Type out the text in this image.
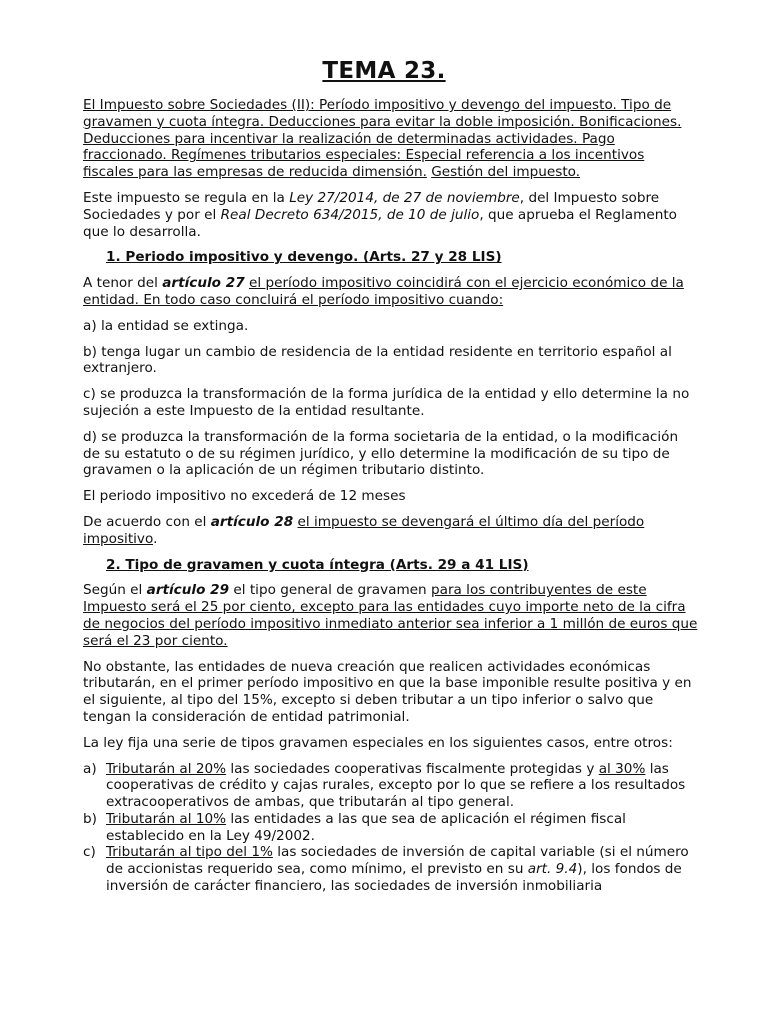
TEMA 23.

El Impuesto sobre Sociedades (II): Período impositivo y devengo del impuesto. Tipo de gravamen y cuota íntegra. Deducciones para evitar la doble imposición. Bonificaciones. Deducciones para incentivar la realización de determinadas actividades. Pago fraccionado. Regímenes tributarios especiales: Especial referencia a los incentivos fiscales para las empresas de reducida dimensión. Gestión del impuesto.

Este impuesto se regula en la Ley 27/2014, de 27 de noviembre, del Impuesto sobre Sociedades y por el Real Decreto 634/2015, de 10 de julio, que aprueba el Reglamento que lo desarrolla.

1. Periodo impositivo y devengo. (Arts. 27 y 28 LIS)

A tenor del artículo 27 el período impositivo coincidirá con el ejercicio económico de la entidad. En todo caso concluirá el período impositivo cuando:

a) la entidad se extinga.

b) tenga lugar un cambio de residencia de la entidad residente en territorio español al extranjero.

c) se produzca la transformación de la forma jurídica de la entidad y ello determine la no sujeción a este Impuesto de la entidad resultante.

d) se produzca la transformación de la forma societaria de la entidad, o la modificación de su estatuto o de su régimen jurídico, y ello determine la modificación de su tipo de gravamen o la aplicación de un régimen tributario distinto.

El periodo impositivo no excederá de 12 meses

De acuerdo con el artículo 28 el impuesto se devengará el último día del período impositivo.

2. Tipo de gravamen y cuota íntegra (Arts. 29 a 41 LIS)

Según el artículo 29 el tipo general de gravamen para los contribuyentes de este Impuesto será el 25 por ciento, excepto para las entidades cuyo importe neto de la cifra de negocios del período impositivo inmediato anterior sea inferior a 1 millón de euros que será el 23 por ciento.

No obstante, las entidades de nueva creación que realicen actividades económicas tributarán, en el primer período impositivo en que la base imponible resulte positiva y en el siguiente, al tipo del 15%, excepto si deben tributar a un tipo inferior o salvo que tengan la consideración de entidad patrimonial.

La ley fija una serie de tipos gravamen especiales en los siguientes casos, entre otros:

a) Tributarán al 20% las sociedades cooperativas fiscalmente protegidas y al 30% las cooperativas de crédito y cajas rurales, excepto por lo que se refiere a los resultados extracooperativos de ambas, que tributarán al tipo general.
b) Tributarán al 10% las entidades a las que sea de aplicación el régimen fiscal establecido en la Ley 49/2002.
c) Tributarán al tipo del 1% las sociedades de inversión de capital variable (si el número de accionistas requerido sea, como mínimo, el previsto en su art. 9.4), los fondos de inversión de carácter financiero, las sociedades de inversión inmobiliaria
